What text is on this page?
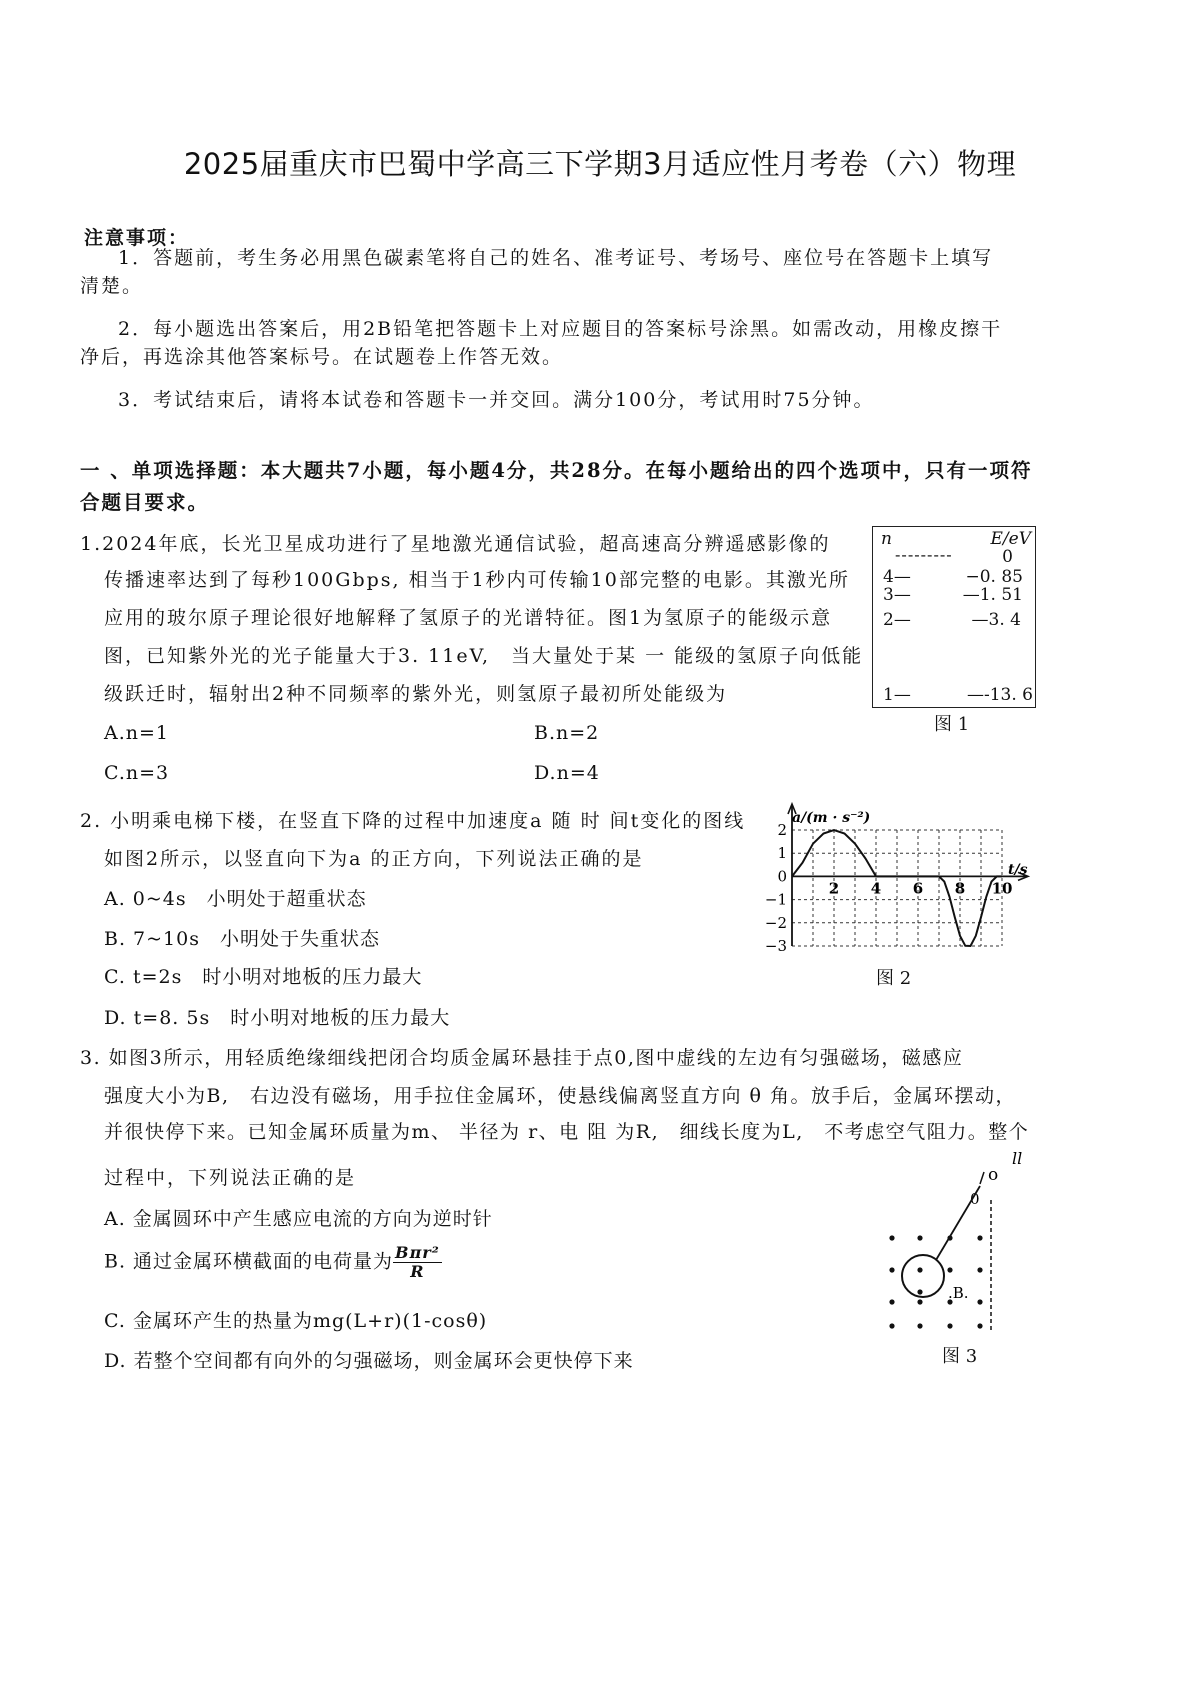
2025届重庆市巴蜀中学高三下学期3月适应性月考卷（六）物理
注意事项：
1．答题前，考生务必用黑色碳素笔将自己的姓名、准考证号、考场号、座位号在答题卡上填写
清楚。
2．每小题选出答案后，用2B铅笔把答题卡上对应题目的答案标号涂黑。如需改动，用橡皮擦干
净后，再选涂其他答案标号。在试题卷上作答无效。
3．考试结束后，请将本试卷和答题卡一并交回。满分100分，考试用时75分钟。
一 、单项选择题：本大题共7小题，每小题4分，共28分。在每小题给出的四个选项中，只有一项符
合题目要求。
1.2024年底，长光卫星成功进行了星地激光通信试验，超高速高分辨遥感影像的
传播速率达到了每秒100Gbps, 相当于1秒内可传输10部完整的电影。其激光所
应用的玻尔原子理论很好地解释了氢原子的光谱特征。图1为氢原子的能级示意
图，已知紫外光的光子能量大于3. 11eV,　当大量处于某 一 能级的氢原子向低能
级跃迁时，辐射出2种不同频率的紫外光，则氢原子最初所处能级为
A.n=1	B.n=2
C.n=3	D.n=4
n	E/eV
---------	0
4—	−0. 85
3—	—1. 51
2—	—3. 4
1—	—-13. 6
图 1
2. 小明乘电梯下楼，在竖直下降的过程中加速度a 随 时 间t变化的图线
如图2所示，以竖直向下为a 的正方向，下列说法正确的是
A. 0~4s　小明处于超重状态
B. 7~10s　小明处于失重状态
C. t=2s　时小明对地板的压力最大
D. t=8. 5s　时小明对地板的压力最大
2
1
0
−1
−2
−3
2 4 6 8 10
a/(m · s⁻²)
t/s
图 2
3. 如图3所示，用轻质绝缘细线把闭合均质金属环悬挂于点0,图中虚线的左边有匀强磁场，磁感应
强度大小为B,　右边没有磁场，用手拉住金属环，使悬线偏离竖直方向 θ 角。放手后，金属环摆动，
并很快停下来。已知金属环质量为m、 半径为 r、电 阻 为R,　细线长度为L,　不考虑空气阻力。整个
过程中，下列说法正确的是
A. 金属圆环中产生感应电流的方向为逆时针
B. 通过金属环横截面的电荷量为 $\frac{\text{Bπr²}}{R}$
C. 金属环产生的热量为mg(L+r)(1-cosθ)
D. 若整个空间都有向外的匀强磁场，则金属环会更快停下来
ll
o
0
.B.
图 3
